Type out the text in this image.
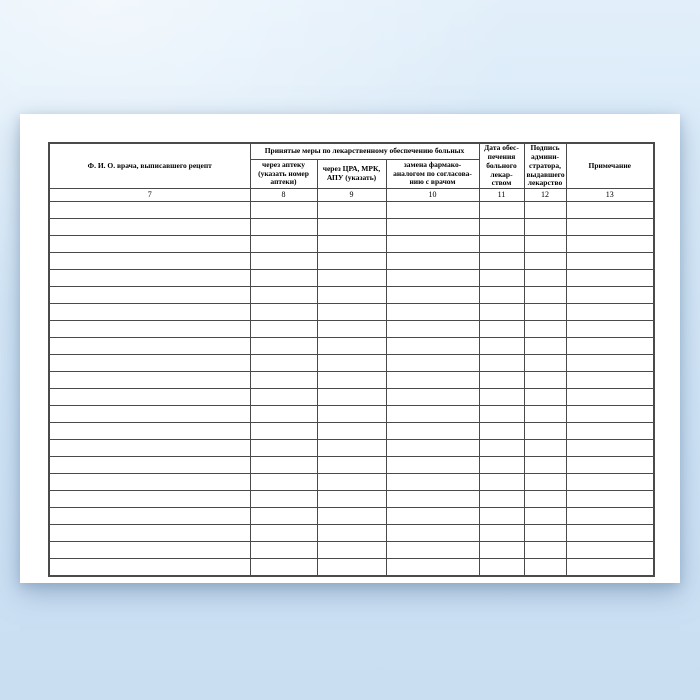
Ф. И. О. врача, выписавшего рецепт	Принятые меры по лекарственному обеспечению больных			Дата обес-печения больного лекар-ством	Подпись админи-стратора, выдавшего лекарство	Примечание
	через аптеку (указать номер аптеки)	через ЦРА, МРК, АПУ (указать)	замена фармако-аналогом по согласова-нию с врачом			
7	8	9	10	11	12	13
